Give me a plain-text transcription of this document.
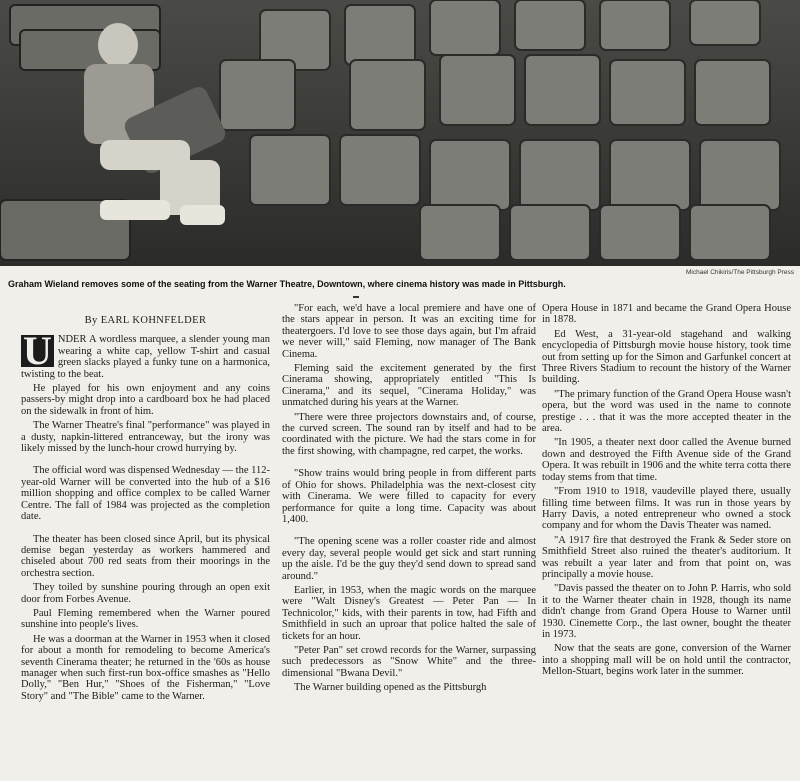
Michael Chikiris/The Pittsburgh Press
Graham Wieland removes some of the seating from the Warner Theatre, Downtown, where cinema history was made in Pittsburgh.
By EARL KOHNFELDER

U NDER A wordless marquee, a slender young man wearing a white cap, yellow T-shirt and casual green slacks played a funky tune on a harmonica, twisting to the beat.

He played for his own enjoyment and any coins passers-by might drop into a cardboard box he had placed on the sidewalk in front of him.

The Warner Theatre's final "performance" was played in a dusty, napkin-littered entranceway, but the irony was likely missed by the lunch-hour crowd hurrying by.

The official word was dispensed Wednesday — the 112-year-old Warner will be converted into the hub of a $16 million shopping and office complex to be called Warner Centre. The fall of 1984 was projected as the completion date.

The theater has been closed since April, but its physical demise began yesterday as workers hammered and chiseled about 700 red seats from their moorings in the orchestra section.

They toiled by sunshine pouring through an open exit door from Forbes Avenue.

Paul Fleming remembered when the Warner poured sunshine into people's lives.

He was a doorman at the Warner in 1953 when it closed for about a month for remodeling to become America's seventh Cinerama theater; he returned in the '60s as house manager when such first-run box-office smashes as "Hello Dolly," "Ben Hur," "Shoes of the Fisherman," "Love Story" and "The Bible" came to the Warner.

"For each, we'd have a local premiere and have one of the stars appear in person. It was an exciting time for theatergoers. I'd love to see those days again, but I'm afraid we never will," said Fleming, now manager of The Bank Cinema.

Fleming said the excitement generated by the first Cinerama showing, appropriately entitled "This Is Cinerama," and its sequel, "Cinerama Holiday," was unmatched during his years at the Warner.

"There were three projectors downstairs and, of course, the curved screen. The sound ran by itself and had to be coordinated with the picture. We had the stars come in for the first showing, with champagne, red carpet, the works.

"Show trains would bring people in from different parts of Ohio for shows. Philadelphia was the next-closest city with Cinerama. We were filled to capacity for every performance for quite a long time. Capacity was about 1,400.

"The opening scene was a roller coaster ride and almost every day, several people would get sick and start running up the aisle. I'd be the guy they'd send down to spread sand around."

Earlier, in 1953, when the magic words on the marquee were "Walt Disney's Greatest — Peter Pan — In Technicolor," kids, with their parents in tow, had Fifth and Smithfield in such an uproar that police halted the sale of tickets for an hour.

"Peter Pan" set crowd records for the Warner, surpassing such predecessors as "Snow White" and the three-dimensional "Bwana Devil."

The Warner building opened as the Pittsburgh

Opera House in 1871 and became the Grand Opera House in 1878.

Ed West, a 31-year-old stagehand and walking encyclopedia of Pittsburgh movie house history, took time out from setting up for the Simon and Garfunkel concert at Three Rivers Stadium to recount the history of the Warner building.

"The primary function of the Grand Opera House wasn't opera, but the word was used in the name to connote prestige . . . that it was the more accepted theater in the area.

"In 1905, a theater next door called the Avenue burned down and destroyed the Fifth Avenue side of the Grand Opera. It was rebuilt in 1906 and the white terra cotta there today stems from that time.

"From 1910 to 1918, vaudeville played there, usually filling time between films. It was run in those years by Harry Davis, a noted entrepreneur who owned a stock company and for whom the Davis Theater was named.

"A 1917 fire that destroyed the Frank & Seder store on Smithfield Street also ruined the theater's auditorium. It was rebuilt a year later and from that point on, was principally a movie house.

"Davis passed the theater on to John P. Harris, who sold it to the Warner theater chain in 1928, though its name didn't change from Grand Opera House to Warner until 1930. Cinemette Corp., the last owner, bought the theater in 1973.

Now that the seats are gone, conversion of the Warner into a shopping mall will be on hold until the contractor, Mellon-Stuart, begins work later in the summer.
